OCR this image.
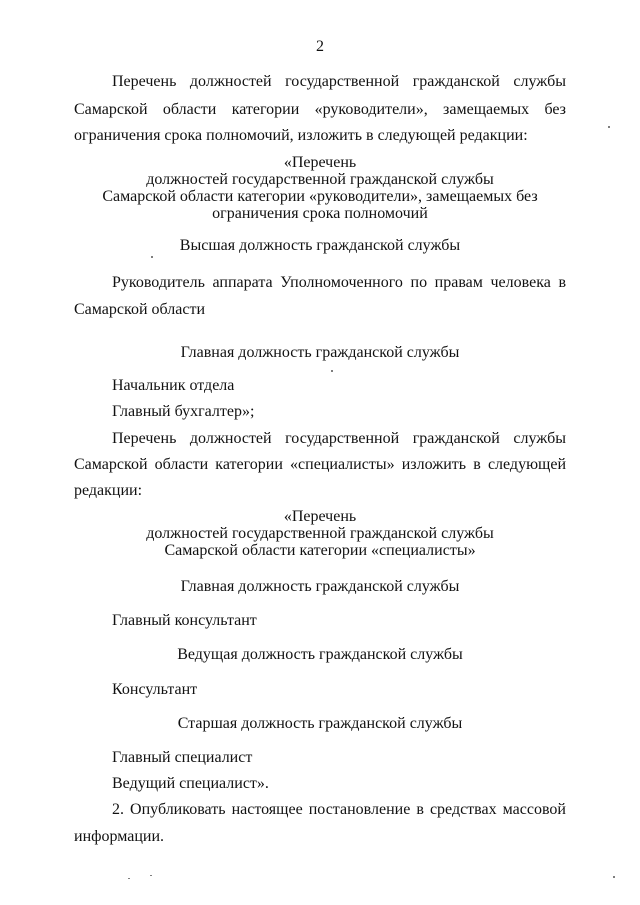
2
Перечень должностей государственной гражданской службы
Самарской области категории «руководители», замещаемых без
ограничения срока полномочий, изложить в следующей редакции:
«Перечень
должностей государственной гражданской службы
Самарской области категории «руководители», замещаемых без
ограничения срока полномочий
Высшая должность гражданской службы
Руководитель аппарата Уполномоченного по правам человека в
Самарской области
Главная должность гражданской службы
Начальник отдела
Главный бухгалтер»;
Перечень должностей государственной гражданской службы
Самарской области категории «специалисты» изложить в следующей
редакции:
«Перечень
должностей государственной гражданской службы
Самарской области категории «специалисты»
Главная должность гражданской службы
Главный консультант
Ведущая должность гражданской службы
Консультант
Старшая должность гражданской службы
Главный специалист
Ведущий специалист».
2. Опубликовать настоящее постановление в средствах массовой
информации.
